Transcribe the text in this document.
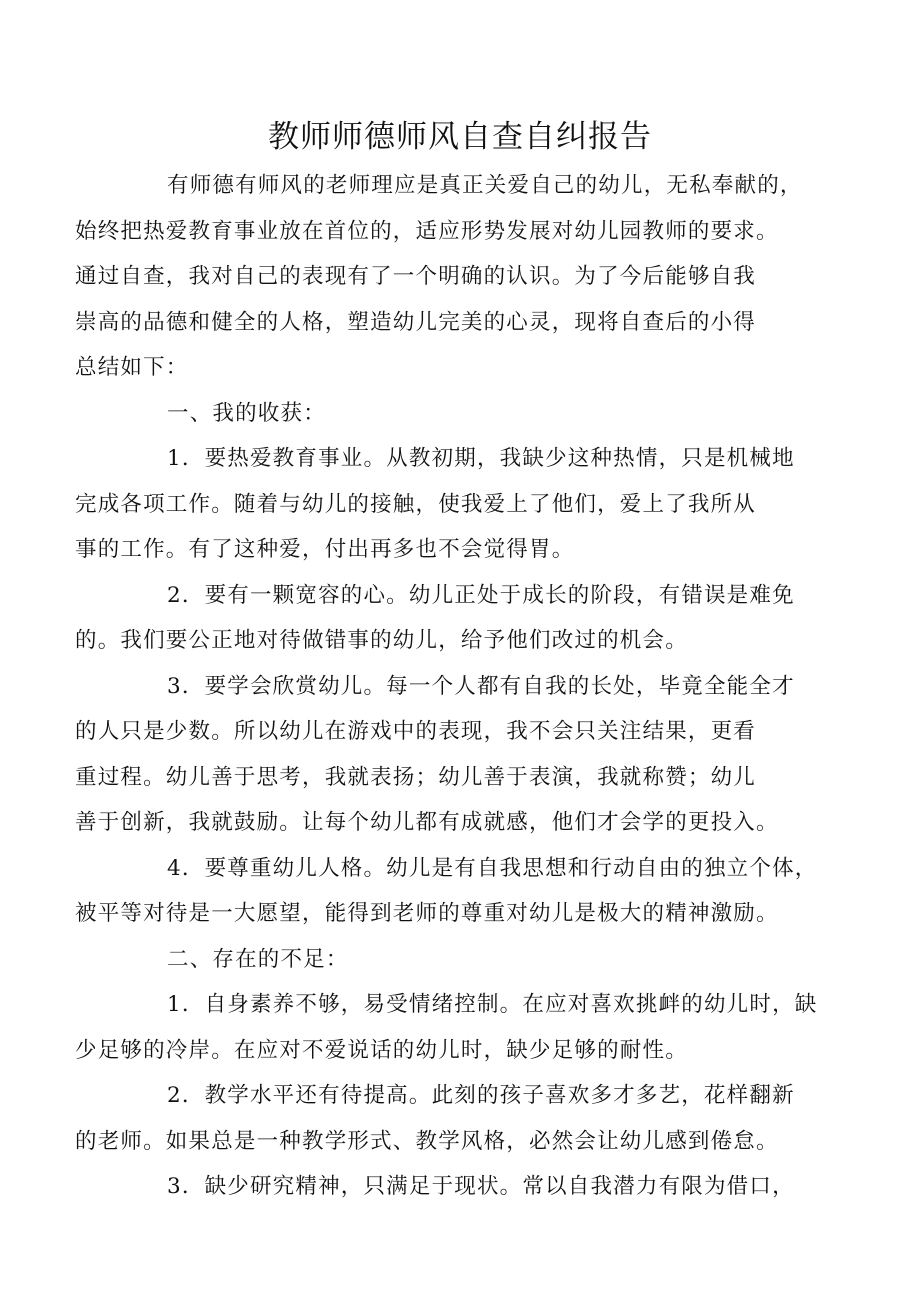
教师师德师风自查自纠报告

有师德有师风的老师理应是真正关爱自己的幼儿，无私奉献的，
始终把热爱教育事业放在首位的，适应形势发展对幼儿园教师的要求。
通过自查，我对自己的表现有了一个明确的认识。为了今后能够自我
崇高的品德和健全的人格，塑造幼儿完美的心灵，现将自查后的小得
总结如下：

一、我的收获：

1．要热爱教育事业。从教初期，我缺少这种热情，只是机械地
完成各项工作。随着与幼儿的接触，使我爱上了他们，爱上了我所从
事的工作。有了这种爱，付出再多也不会觉得胃。

2．要有一颗宽容的心。幼儿正处于成长的阶段，有错误是难免
的。我们要公正地对待做错事的幼儿，给予他们改过的机会。

3．要学会欣赏幼儿。每一个人都有自我的长处，毕竟全能全才
的人只是少数。所以幼儿在游戏中的表现，我不会只关注结果，更看
重过程。幼儿善于思考，我就表扬；幼儿善于表演，我就称赞；幼儿
善于创新，我就鼓励。让每个幼儿都有成就感，他们才会学的更投入。

4．要尊重幼儿人格。幼儿是有自我思想和行动自由的独立个体，
被平等对待是一大愿望，能得到老师的尊重对幼儿是极大的精神激励。

二、存在的不足：

1．自身素养不够，易受情绪控制。在应对喜欢挑衅的幼儿时，缺
少足够的冷岸。在应对不爱说话的幼儿时，缺少足够的耐性。

2．教学水平还有待提高。此刻的孩子喜欢多才多艺，花样翻新
的老师。如果总是一种教学形式、教学风格，必然会让幼儿感到倦怠。

3．缺少研究精神，只满足于现状。常以自我潜力有限为借口，
